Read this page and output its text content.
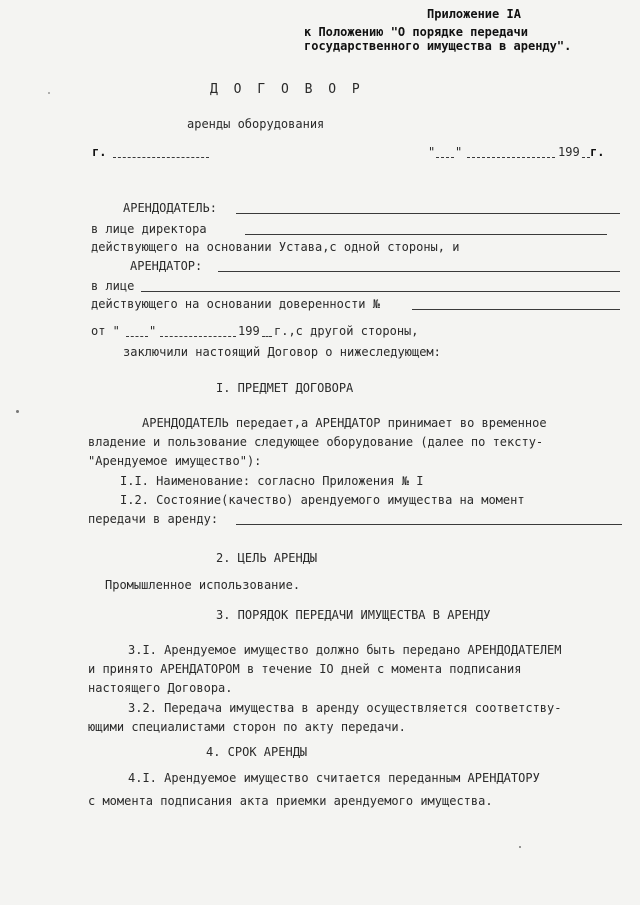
Приложение IA
к Положению "О порядке передачи
государственного имущества в аренду".
Д О Г О В О Р
аренды оборудования
г.	" "	199 г.
АРЕНДОДАТЕЛЬ:
в лице директора
действующего на основании Устава,с одной стороны, и
АРЕНДАТОР:
в лице
действующего на основании доверенности №
от " "	199 г.,с другой стороны,
заключили настоящий Договор о нижеследующем:
I. ПРЕДМЕТ ДОГОВОРА
АРЕНДОДАТЕЛЬ передает,а АРЕНДАТОР принимает во временное
владение и пользование следующее оборудование (далее по тексту-
"Арендуемое имущество"):
I.I. Наименование: согласно Приложения № I
I.2. Состояние(качество) арендуемого имущества на момент
передачи в аренду:
2. ЦЕЛЬ АРЕНДЫ
Промышленное использование.
3. ПОРЯДОК ПЕРЕДАЧИ ИМУЩЕСТВА В АРЕНДУ
3.I. Арендуемое имущество должно быть передано АРЕНДОДАТЕЛЕМ
и принято АРЕНДАТОРОМ в течение IO дней с момента подписания
настоящего Договора.
3.2. Передача имущества в аренду осуществляется соответству-
ющими специалистами сторон по акту передачи.
4. СРОК АРЕНДЫ
4.I. Арендуемое имущество считается переданным АРЕНДАТОРУ
с момента подписания акта приемки арендуемого имущества.
